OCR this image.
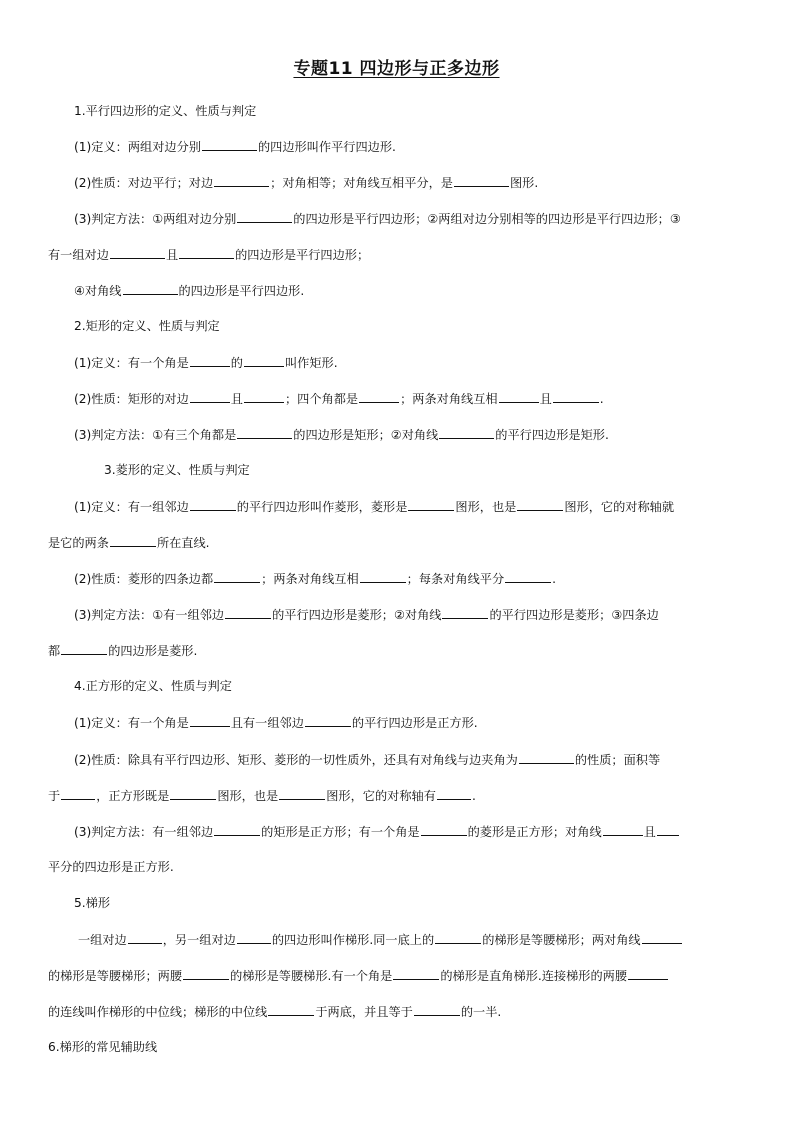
专题11 四边形与正多边形
1.平行四边形的定义、性质与判定
(1)定义：两组对边分别	的四边形叫作平行四边形.
(2)性质：对边平行；对边	；对角相等；对角线互相平分，是	图形.
(3)判定方法：①两组对边分别	的四边形是平行四边形；②两组对边分别相等的四边形是平行四边形；③
有一组对边	且	的四边形是平行四边形；
④对角线	的四边形是平行四边形.
2.矩形的定义、性质与判定
(1)定义：有一个角是	的	叫作矩形.
(2)性质：矩形的对边	且	；四个角都是	；两条对角线互相	且	.
(3)判定方法：①有三个角都是	的四边形是矩形；②对角线	的平行四边形是矩形.
3.菱形的定义、性质与判定
(1)定义：有一组邻边	的平行四边形叫作菱形，菱形是	图形，也是	图形，它的对称轴就
是它的两条	所在直线.
(2)性质：菱形的四条边都	；两条对角线互相	；每条对角线平分	.
(3)判定方法：①有一组邻边	的平行四边形是菱形；②对角线	的平行四边形是菱形；③四条边
都	的四边形是菱形.
4.正方形的定义、性质与判定
(1)定义：有一个角是	且有一组邻边	的平行四边形是正方形.
(2)性质：除具有平行四边形、矩形、菱形的一切性质外，还具有对角线与边夹角为	的性质；面积等
于	，正方形既是	图形，也是	图形，它的对称轴有	.
(3)判定方法：有一组邻边	的矩形是正方形；有一个角是	的菱形是正方形；对角线	且
平分的四边形是正方形.
5.梯形
一组对边	，另一组对边	的四边形叫作梯形.同一底上的	的梯形是等腰梯形；两对角线
的梯形是等腰梯形；两腰	的梯形是等腰梯形.有一个角是	的梯形是直角梯形.连接梯形的两腰
的连线叫作梯形的中位线；梯形的中位线	于两底，并且等于	的一半.
6.梯形的常见辅助线
